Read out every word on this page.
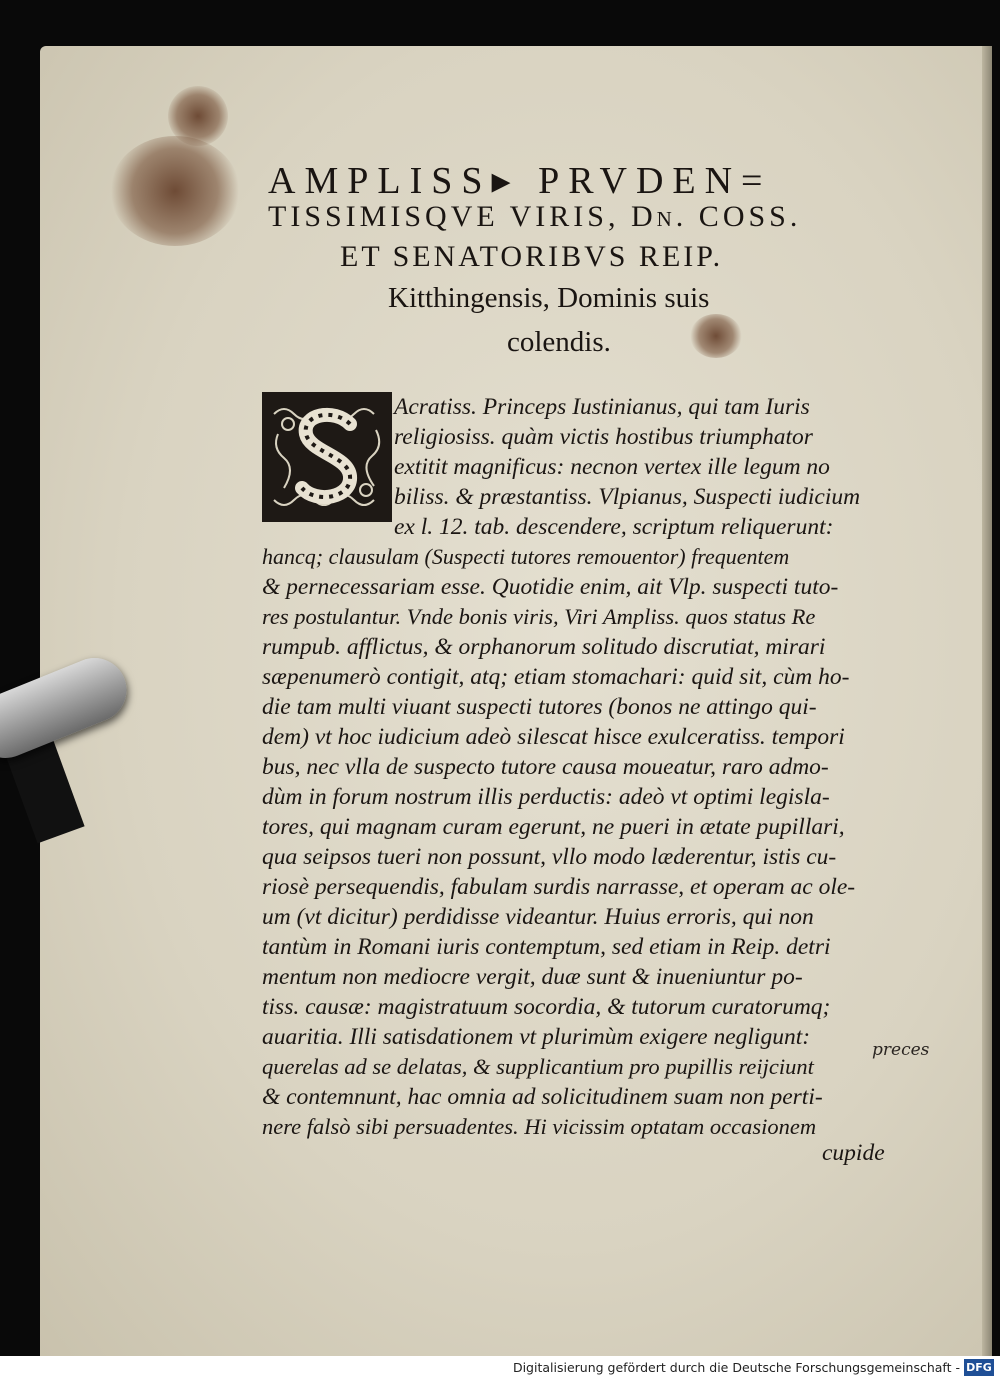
AMPLISS▸ PRVDEN=
TISSIMISQVE VIRIS, Dn. COSS.
ET SENATORIBVS REIP.
Kitthingensis, Dominis suis
colendis.
Acratiss. Princeps Iustinianus, qui tam Iuris
religiosiss. quàm victis hostibus triumphator
extitit magnificus: necnon vertex ille legum no
biliss. & præstantiss. Vlpianus, Suspecti iudicium
ex l. 12. tab. descendere, scriptum reliquerunt:
hancq; clausulam (Suspecti tutores remouentor) frequentem
& pernecessariam esse. Quotidie enim, ait Vlp. suspecti tuto-
res postulantur. Vnde bonis viris, Viri Ampliss. quos status Re
rumpub. afflictus, & orphanorum solitudo discrutiat, mirari
sæpenumerò contigit, atq; etiam stomachari: quid sit, cùm ho-
die tam multi viuant suspecti tutores (bonos ne attingo qui-
dem) vt hoc iudicium adeò silescat hisce exulceratiss. tempori
bus, nec vlla de suspecto tutore causa moueatur, raro admo-
dùm in forum nostrum illis perductis: adeò vt optimi legisla-
tores, qui magnam curam egerunt, ne pueri in ætate pupillari,
qua seipsos tueri non possunt, vllo modo læderentur, istis cu-
riosè persequendis, fabulam surdis narrasse, et operam ac ole-
um (vt dicitur) perdidisse videantur. Huius erroris, qui non
tantùm in Romani iuris contemptum, sed etiam in Reip. detri
mentum non mediocre vergit, duæ sunt & inueniuntur po-
tiss. causæ: magistratuum socordia, & tutorum curatorumq;
auaritia. Illi satisdationem vt plurimùm exigere negligunt:
querelas ad se delatas, & supplicantium pro pupillis reijciunt
& contemnunt, hac omnia ad solicitudinem suam non perti-
nere falsò sibi persuadentes. Hi vicissim optatam occasionem
cupide
preces
Digitalisierung gefördert durch die Deutsche Forschungsgemeinschaft - DFG
